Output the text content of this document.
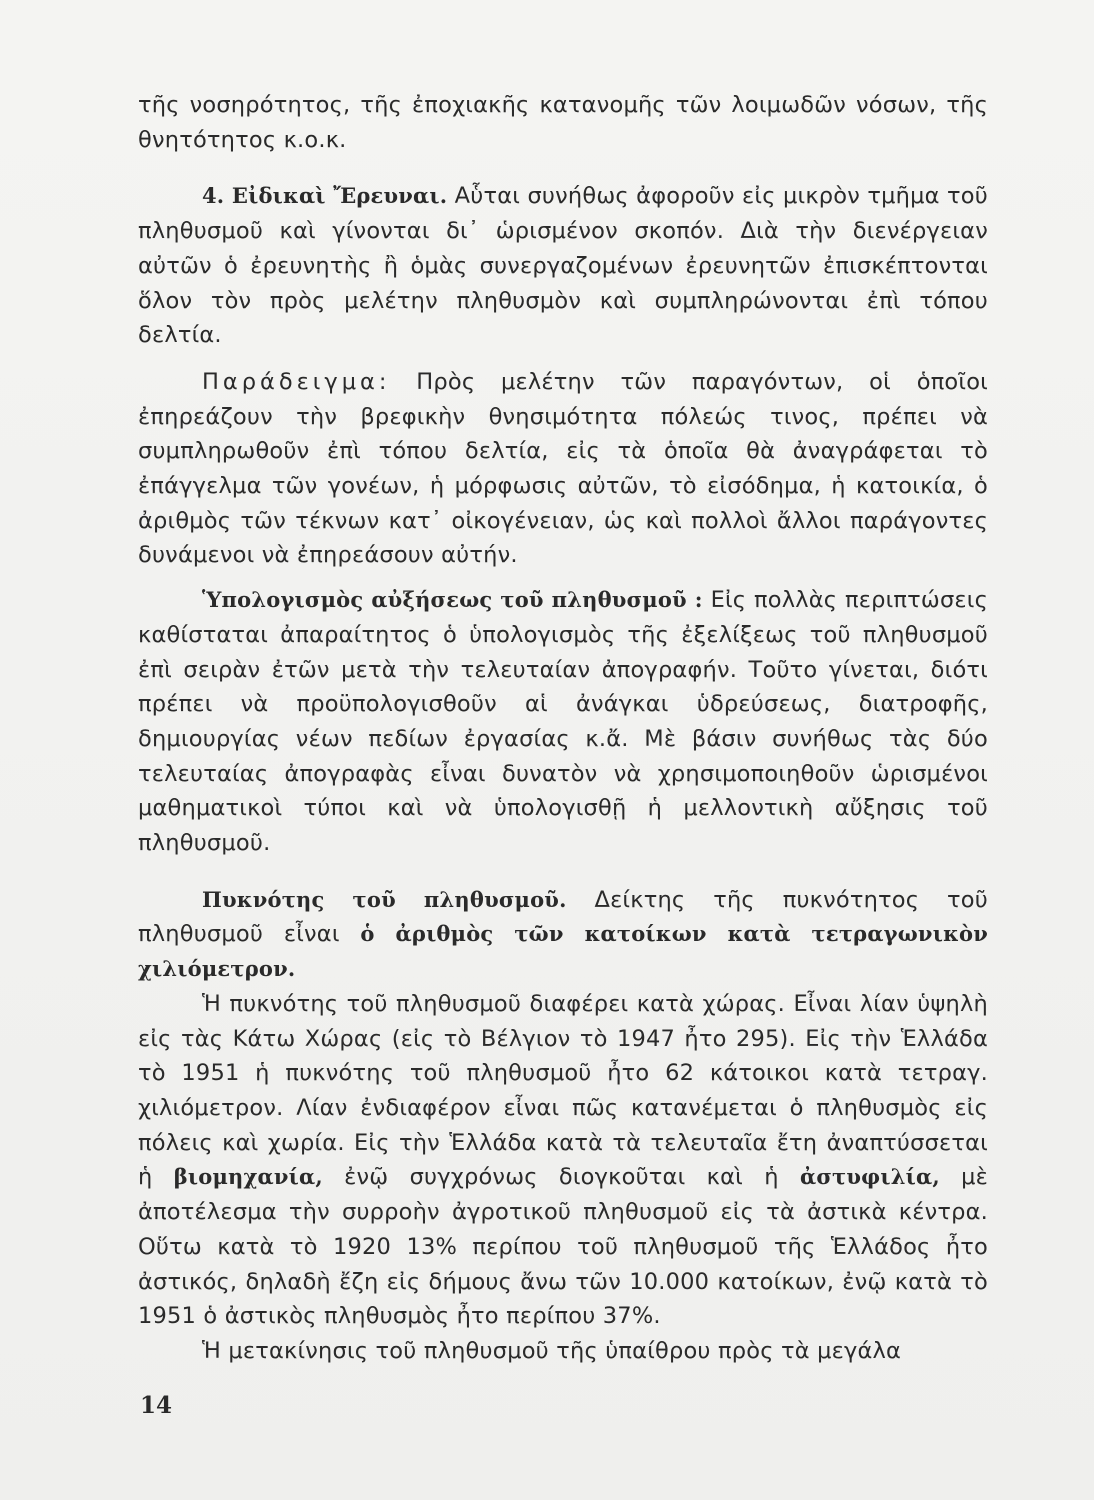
τῆς νοσηρότητος, τῆς ἐποχιακῆς κατανομῆς τῶν λοιμωδῶν νόσων, τῆς θνητότητος κ.ο.κ.

4. Εἰδικαὶ Ἔρευναι. Αὗται συνήθως ἀφοροῦν εἰς μικρὸν τμῆμα τοῦ πληθυσμοῦ καὶ γίνονται δι᾽ ὡρισμένον σκοπόν. Διὰ τὴν διενέργειαν αὐτῶν ὁ ἐρευνητὴς ἢ ὁμὰς συνεργαζομένων ἐρευνητῶν ἐπισκέπτονται ὅλον τὸν πρὸς μελέτην πληθυσμὸν καὶ συμπληρώνονται ἐπὶ τόπου δελτία.

Παράδειγμα: Πρὸς μελέτην τῶν παραγόντων, οἱ ὁποῖοι ἐπηρεάζουν τὴν βρεφικὴν θνησιμότητα πόλεώς τινος, πρέπει νὰ συμπληρωθοῦν ἐπὶ τόπου δελτία, εἰς τὰ ὁποῖα θὰ ἀναγράφεται τὸ ἐπάγγελμα τῶν γονέων, ἡ μόρφωσις αὐτῶν, τὸ εἰσόδημα, ἡ κατοικία, ὁ ἀριθμὸς τῶν τέκνων κατ᾽ οἰκογένειαν, ὡς καὶ πολλοὶ ἄλλοι παράγοντες δυνάμενοι νὰ ἐπηρεάσουν αὐτήν.

Ὑπολογισμὸς αὐξήσεως τοῦ πληθυσμοῦ : Εἰς πολλὰς περιπτώσεις καθίσταται ἀπαραίτητος ὁ ὑπολογισμὸς τῆς ἐξελίξεως τοῦ πληθυσμοῦ ἐπὶ σειρὰν ἐτῶν μετὰ τὴν τελευταίαν ἀπογραφήν. Τοῦτο γίνεται, διότι πρέπει νὰ προϋπολογισθοῦν αἱ ἀνάγκαι ὑδρεύσεως, διατροφῆς, δημιουργίας νέων πεδίων ἐργασίας κ.ἄ. Μὲ βάσιν συνήθως τὰς δύο τελευταίας ἀπογραφὰς εἶναι δυνατὸν νὰ χρησιμοποιηθοῦν ὡρισμένοι μαθηματικοὶ τύποι καὶ νὰ ὑπολογισθῇ ἡ μελλοντικὴ αὔξησις τοῦ πληθυσμοῦ.

Πυκνότης τοῦ πληθυσμοῦ. Δείκτης τῆς πυκνότητος τοῦ πληθυσμοῦ εἶναι ὁ ἀριθμὸς τῶν κατοίκων κατὰ τετραγωνικὸν χιλιόμετρον.

Ἡ πυκνότης τοῦ πληθυσμοῦ διαφέρει κατὰ χώρας. Εἶναι λίαν ὑψηλὴ εἰς τὰς Κάτω Χώρας (εἰς τὸ Βέλγιον τὸ 1947 ἦτο 295). Εἰς τὴν Ἑλλάδα τὸ 1951 ἡ πυκνότης τοῦ πληθυσμοῦ ἦτο 62 κάτοικοι κατὰ τετραγ. χιλιόμετρον. Λίαν ἐνδιαφέρον εἶναι πῶς κατανέμεται ὁ πληθυσμὸς εἰς πόλεις καὶ χωρία. Εἰς τὴν Ἑλλάδα κατὰ τὰ τελευταῖα ἔτη ἀναπτύσσεται ἡ βιομηχανία, ἐνῷ συγχρόνως διογκοῦται καὶ ἡ ἀστυφιλία, μὲ ἀποτέλεσμα τὴν συρροὴν ἀγροτικοῦ πληθυσμοῦ εἰς τὰ ἀστικὰ κέντρα. Οὕτω κατὰ τὸ 1920 13% περίπου τοῦ πληθυσμοῦ τῆς Ἑλλάδος ἦτο ἀστικός, δηλαδὴ ἔζη εἰς δήμους ἄνω τῶν 10.000 κατοίκων, ἐνῷ κατὰ τὸ 1951 ὁ ἀστικὸς πληθυσμὸς ἦτο περίπου 37%.

Ἡ μετακίνησις τοῦ πληθυσμοῦ τῆς ὑπαίθρου πρὸς τὰ μεγάλα

14
